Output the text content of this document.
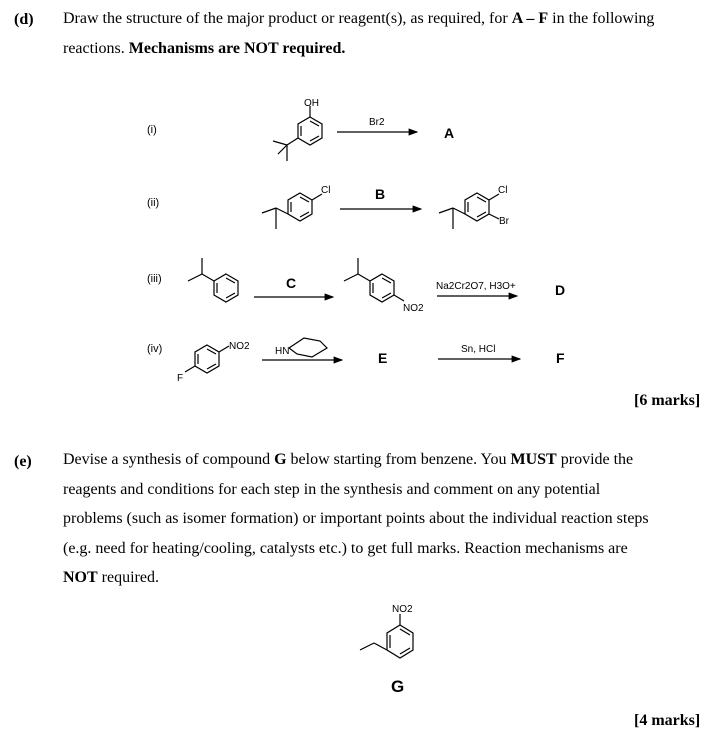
(d) Draw the structure of the major product or reagent(s), as required, for A – F in the following
reactions. Mechanisms are NOT required.
(i)
(ii)
(iii)
(iv)
OH
Cl	Cl
Br
NO2
NO2
F
HN
NO2
Br2
A
B
C	Na2Cr2O7, H3O+	D
E
Sn, HCl
F
[6 marks]
(e) Devise a synthesis of compound G below starting from benzene. You MUST provide the
reagents and conditions for each step in the synthesis and comment on any potential
problems (such as isomer formation) or important points about the individual reaction steps
(e.g. need for heating/cooling, catalysts etc.) to get full marks. Reaction mechanisms are
NOT required.
G
[4 marks]
